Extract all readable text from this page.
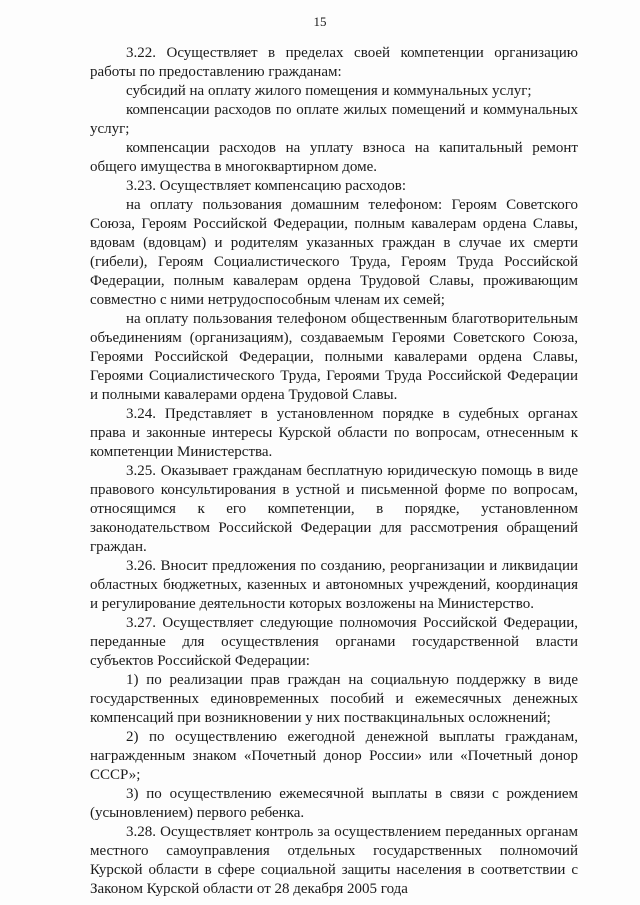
15

3.22. Осуществляет в пределах своей компетенции организацию работы по предоставлению гражданам:

субсидий на оплату жилого помещения и коммунальных услуг;

компенсации расходов по оплате жилых помещений и коммунальных услуг;

компенсации расходов на уплату взноса на капитальный ремонт общего имущества в многоквартирном доме.

3.23. Осуществляет компенсацию расходов:

на оплату пользования домашним телефоном: Героям Советского Союза, Героям Российской Федерации, полным кавалерам ордена Славы, вдовам (вдовцам) и родителям указанных граждан в случае их смерти (гибели), Героям Социалистического Труда, Героям Труда Российской Федерации, полным кавалерам ордена Трудовой Славы, проживающим совместно с ними нетрудоспособным членам их семей;

на оплату пользования телефоном общественным благотворительным объединениям (организациям), создаваемым Героями Советского Союза, Героями Российской Федерации, полными кавалерами ордена Славы, Героями Социалистического Труда, Героями Труда Российской Федерации и полными кавалерами ордена Трудовой Славы.

3.24. Представляет в установленном порядке в судебных органах права и законные интересы Курской области по вопросам, отнесенным к компетенции Министерства.

3.25. Оказывает гражданам бесплатную юридическую помощь в виде правового консультирования в устной и письменной форме по вопросам, относящимся к его компетенции, в порядке, установленном законодательством Российской Федерации для рассмотрения обращений граждан.

3.26. Вносит предложения по созданию, реорганизации и ликвидации областных бюджетных, казенных и автономных учреждений, координация и регулирование деятельности которых возложены на Министерство.

3.27. Осуществляет следующие полномочия Российской Федерации, переданные для осуществления органами государственной власти субъектов Российской Федерации:

1) по реализации прав граждан на социальную поддержку в виде государственных единовременных пособий и ежемесячных денежных компенсаций при возникновении у них поствакцинальных осложнений;

2) по осуществлению ежегодной денежной выплаты гражданам, награжденным знаком «Почетный донор России» или «Почетный донор СССР»;

3) по осуществлению ежемесячной выплаты в связи с рождением (усыновлением) первого ребенка.

3.28. Осуществляет контроль за осуществлением переданных органам местного самоуправления отдельных государственных полномочий Курской области в сфере социальной защиты населения в соответствии с Законом Курской области от 28 декабря 2005 года
